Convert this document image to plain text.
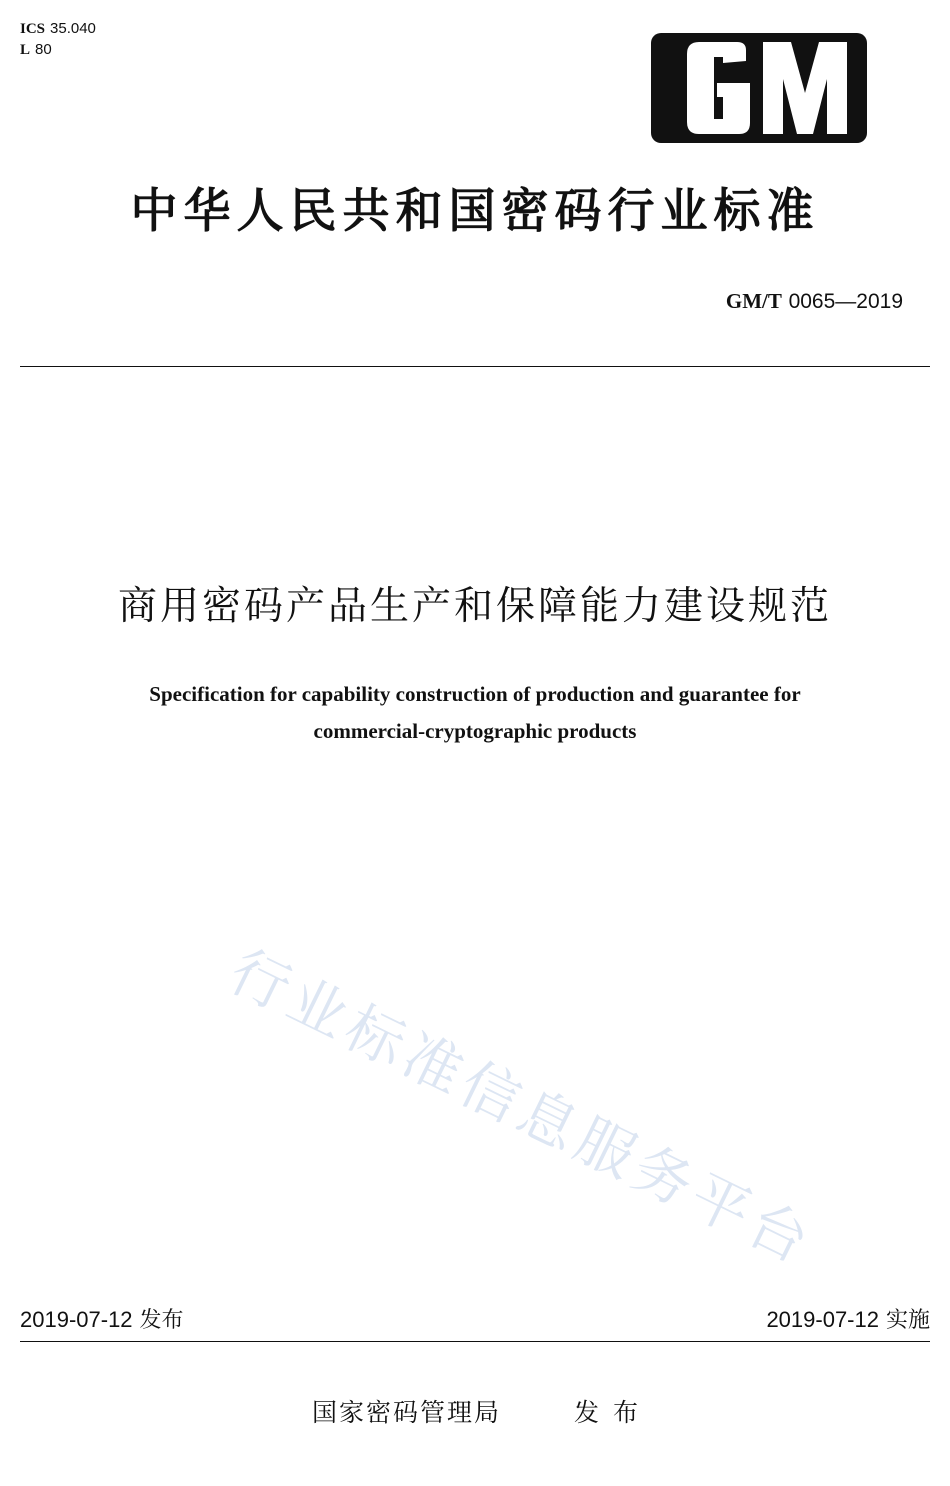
ICS 35.040
L 80
中华人民共和国密码行业标准
GM/T 0065—2019
商用密码产品生产和保障能力建设规范
Specification for capability construction of production and guarantee for
commercial-cryptographic products
行业标准信息服务平台
2019-07-12 发布	2019-07-12 实施
国家密码管理局	发布
